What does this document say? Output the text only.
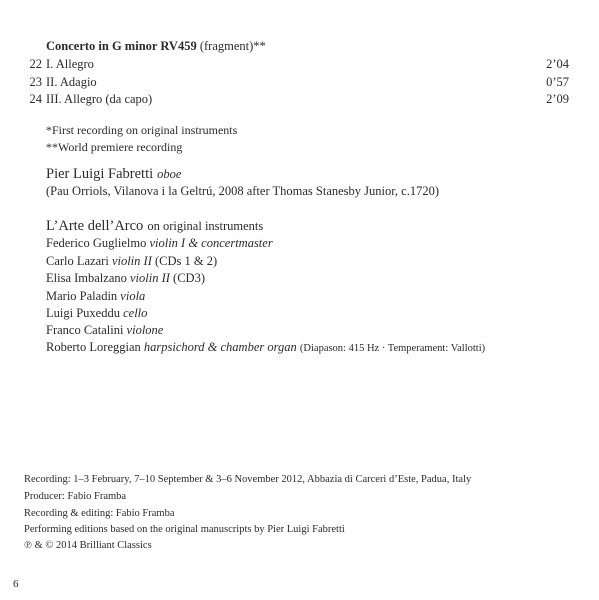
Concerto in G minor RV459 (fragment)**
22 I. Allegro	2’04
23 II. Adagio	0’57
24 III. Allegro (da capo)	2’09
*First recording on original instruments
**World premiere recording
Pier Luigi Fabretti oboe
(Pau Orriols, Vilanova i la Geltrú, 2008 after Thomas Stanesby Junior, c.1720)
L’Arte dell’Arco on original instruments
Federico Guglielmo violin I & concertmaster
Carlo Lazari violin II (CDs 1 & 2)
Elisa Imbalzano violin II (CD3)
Mario Paladin viola
Luigi Puxeddu cello
Franco Catalini violone
Roberto Loreggian harpsichord & chamber organ (Diapason: 415 Hz · Temperament: Vallotti)
Recording: 1–3 February, 7–10 September & 3–6 November 2012, Abbazia di Carceri d’Este, Padua, Italy
Producer: Fabio Framba
Recording & editing: Fabio Framba
Performing editions based on the original manuscripts by Pier Luigi Fabretti
℗ & © 2014 Brilliant Classics
6
